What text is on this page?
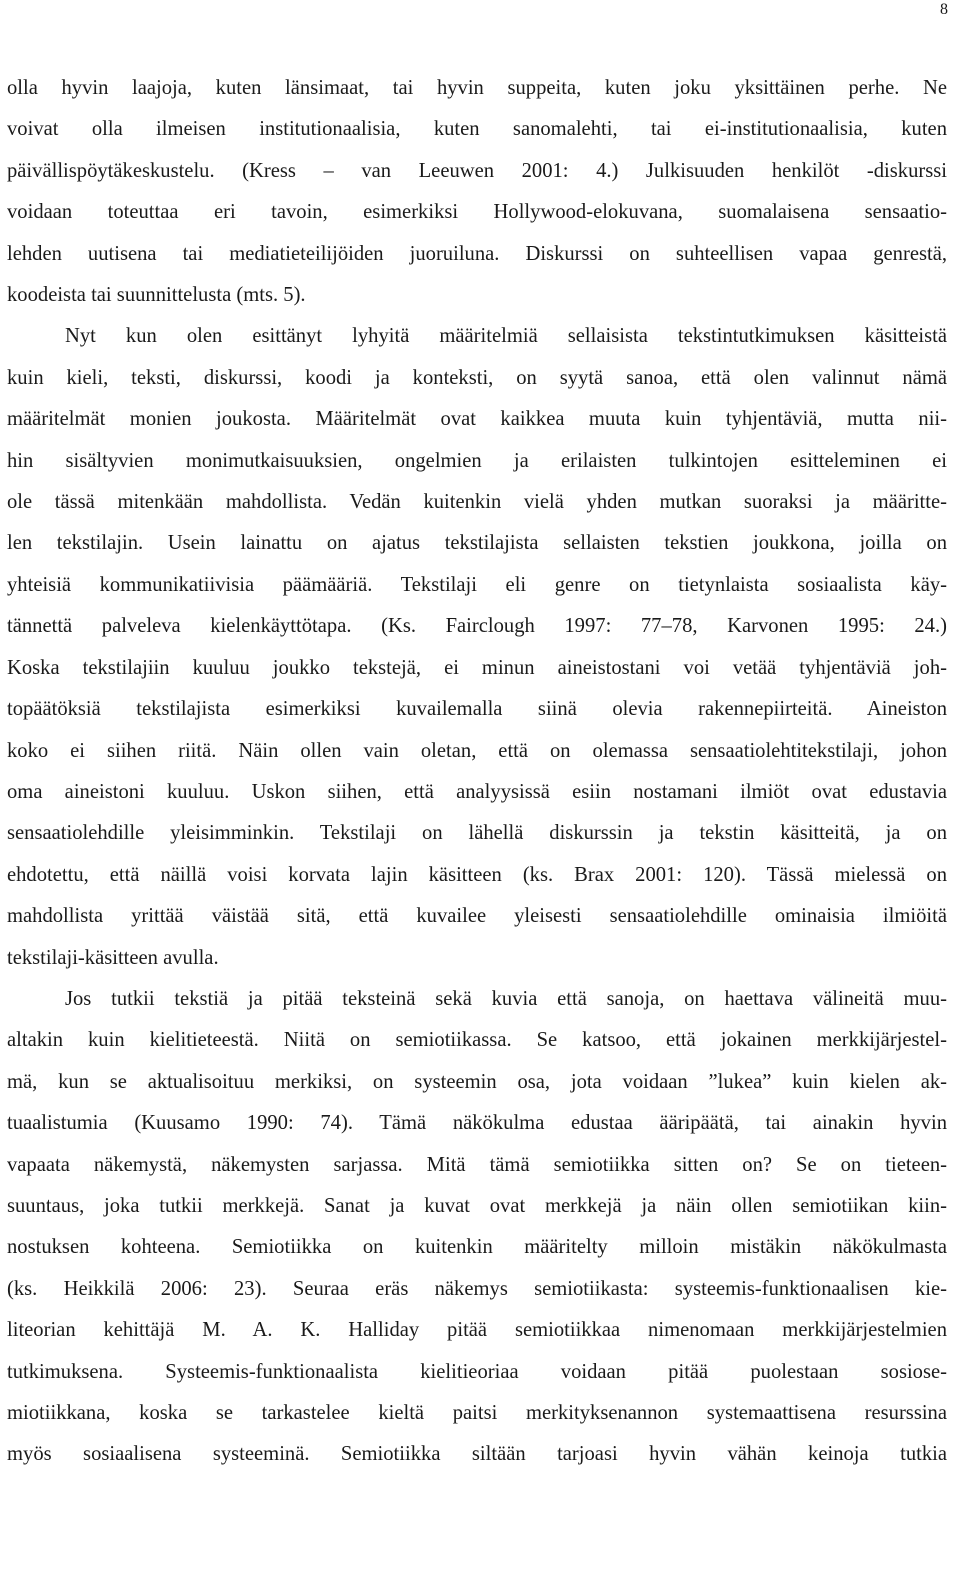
8
olla hyvin laajoja, kuten länsimaat, tai hyvin suppeita, kuten joku yksittäinen perhe. Ne
voivat olla ilmeisen institutionaalisia, kuten sanomalehti, tai ei-institutionaalisia, kuten
päivällispöytäkeskustelu. (Kress – van Leeuwen 2001: 4.) Julkisuuden henkilöt -diskurssi
voidaan toteuttaa eri tavoin, esimerkiksi Hollywood-elokuvana, suomalaisena sensaatio-
lehden uutisena tai mediatieteilijöiden juoruiluna. Diskurssi on suhteellisen vapaa genrestä,
koodeista tai suunnittelusta (mts. 5).
Nyt kun olen esittänyt lyhyitä määritelmiä sellaisista tekstintutkimuksen käsitteistä
kuin kieli, teksti, diskurssi, koodi ja konteksti, on syytä sanoa, että olen valinnut nämä
määritelmät monien joukosta. Määritelmät ovat kaikkea muuta kuin tyhjentäviä, mutta nii-
hin sisältyvien monimutkaisuuksien, ongelmien ja erilaisten tulkintojen esitteleminen ei
ole tässä mitenkään mahdollista. Vedän kuitenkin vielä yhden mutkan suoraksi ja määritte-
len tekstilajin. Usein lainattu on ajatus tekstilajista sellaisten tekstien joukkona, joilla on
yhteisiä kommunikatiivisia päämääriä. Tekstilaji eli genre on tietynlaista sosiaalista käy-
tännettä palveleva kielenkäyttötapa. (Ks. Fairclough 1997: 77–78, Karvonen 1995: 24.)
Koska tekstilajiin kuuluu joukko tekstejä, ei minun aineistostani voi vetää tyhjentäviä joh-
topäätöksiä tekstilajista esimerkiksi kuvailemalla siinä olevia rakennepiirteitä. Aineiston
koko ei siihen riitä. Näin ollen vain oletan, että on olemassa sensaatiolehtitekstilaji, johon
oma aineistoni kuuluu. Uskon siihen, että analyysissä esiin nostamani ilmiöt ovat edustavia
sensaatiolehdille yleisimminkin. Tekstilaji on lähellä diskurssin ja tekstin käsitteitä, ja on
ehdotettu, että näillä voisi korvata lajin käsitteen (ks. Brax 2001: 120). Tässä mielessä on
mahdollista yrittää väistää sitä, että kuvailee yleisesti sensaatiolehdille ominaisia ilmiöitä
tekstilaji-käsitteen avulla.
Jos tutkii tekstiä ja pitää teksteinä sekä kuvia että sanoja, on haettava välineitä muu-
altakin kuin kielitieteestä. Niitä on semiotiikassa. Se katsoo, että jokainen merkkijärjestel-
mä, kun se aktualisoituu merkiksi, on systeemin osa, jota voidaan ”lukea” kuin kielen ak-
tuaalistumia (Kuusamo 1990: 74). Tämä näkökulma edustaa ääripäätä, tai ainakin hyvin
vapaata näkemystä, näkemysten sarjassa. Mitä tämä semiotiikka sitten on? Se on tieteen-
suuntaus, joka tutkii merkkejä. Sanat ja kuvat ovat merkkejä ja näin ollen semiotiikan kiin-
nostuksen kohteena. Semiotiikka on kuitenkin määritelty milloin mistäkin näkökulmasta
(ks. Heikkilä 2006: 23). Seuraa eräs näkemys semiotiikasta: systeemis-funktionaalisen kie-
liteorian kehittäjä M. A. K. Halliday pitää semiotiikkaa nimenomaan merkkijärjestelmien
tutkimuksena. Systeemis-funktionaalista kielitieoriaa voidaan pitää puolestaan sosiose-
miotiikkana, koska se tarkastelee kieltä paitsi merkityksenannon systemaattisena resurssina
myös sosiaalisena systeeminä. Semiotiikka siltään tarjoasi hyvin vähän keinoja tutkia
